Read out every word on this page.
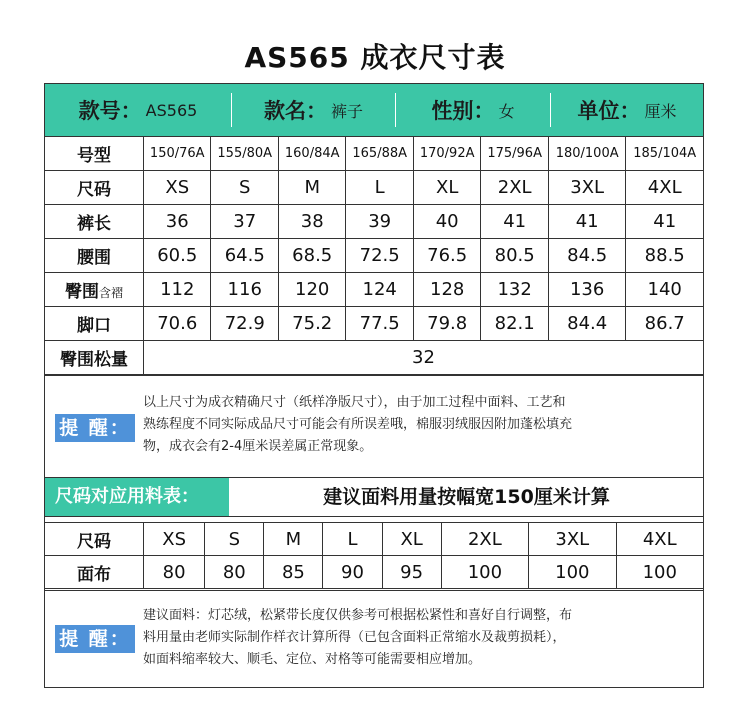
AS565 成衣尺寸表
款号： AS565	款名： 裤子	性别： 女	单位： 厘米
号型	150/76A	155/80A	160/84A	165/88A	170/92A	175/96A	180/100A	185/104A
尺码	XS	S	M	L	XL	2XL	3XL	4XL
裤长	36	37	38	39	40	41	41	41
腰围	60.5	64.5	68.5	72.5	76.5	80.5	84.5	88.5
臀围含褶	112	116	120	124	128	132	136	140
脚口	70.6	72.9	75.2	77.5	79.8	82.1	84.4	86.7
臀围松量	32							
提 醒：
以上尺寸为成衣精确尺寸（纸样净版尺寸），由于加工过程中面料、工艺和
熟练程度不同实际成品尺寸可能会有所误差哦，棉服羽绒服因附加蓬松填充
物，成衣会有2-4厘米误差属正常现象。
尺码对应用料表：	建议面料用量按幅宽150厘米计算
尺码	XS	S	M	L	XL	2XL	3XL	4XL
面布	80	80	85	90	95	100	100	100
提 醒：
建议面料：灯芯绒，松紧带长度仅供参考可根据松紧性和喜好自行调整，布
料用量由老师实际制作样衣计算所得（已包含面料正常缩水及裁剪损耗），
如面料缩率较大、顺毛、定位、对格等可能需要相应增加。
